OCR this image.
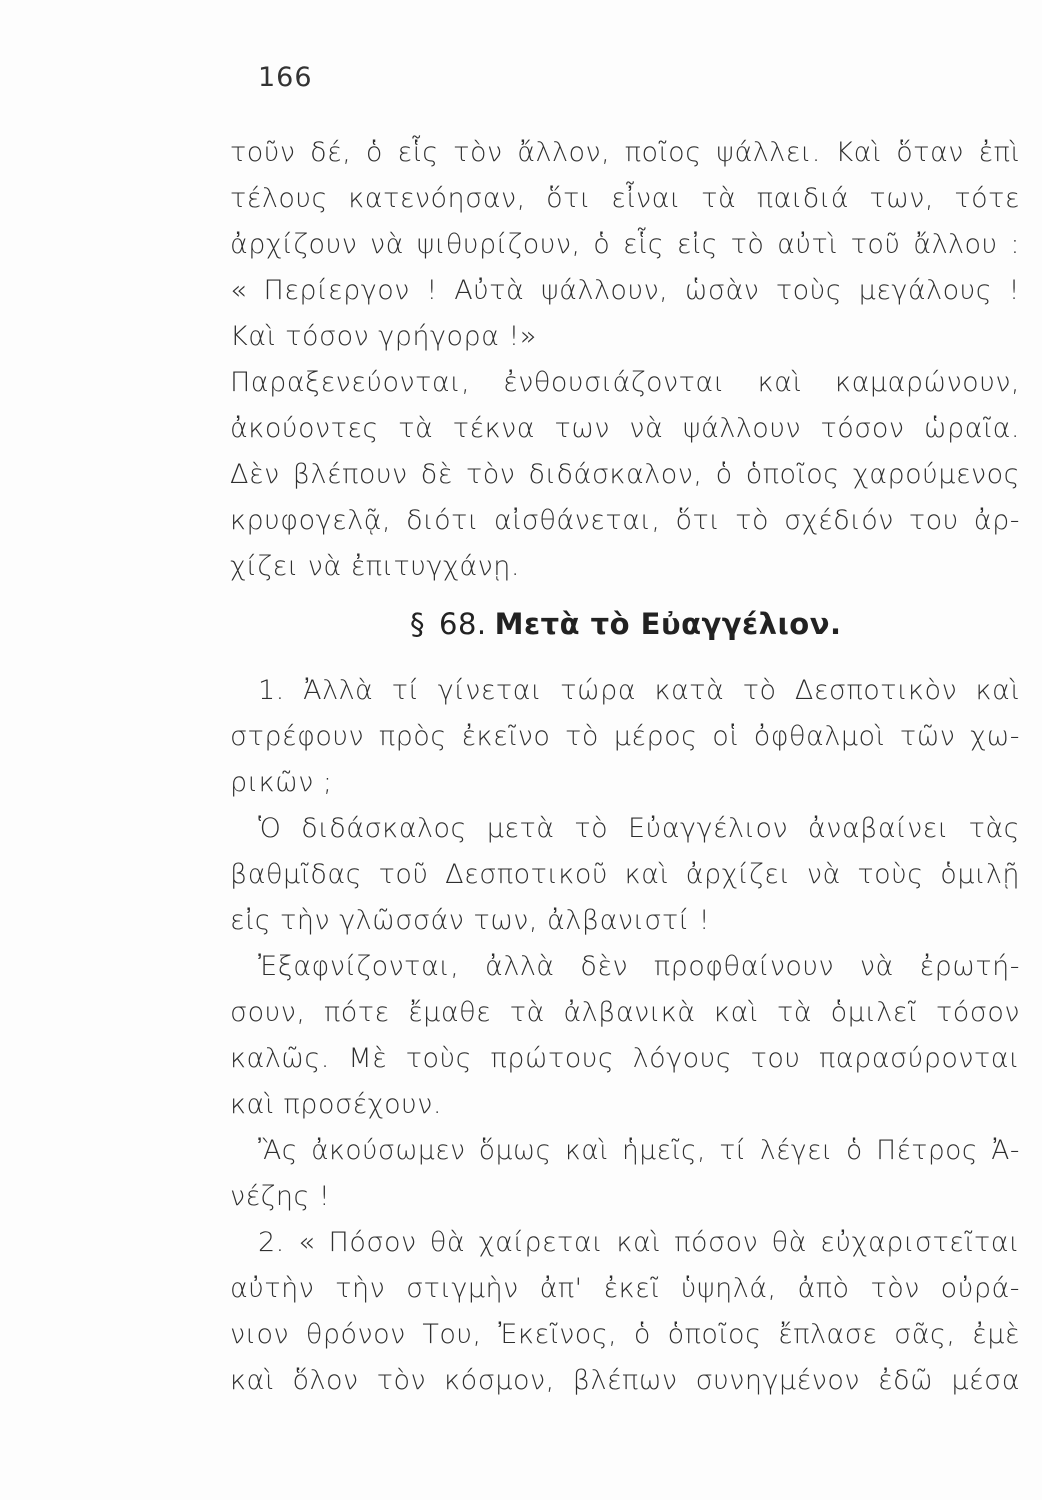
166
τοῦν δέ, ὁ εἷς τὸν ἄλλον, ποῖος ψάλλει. Καὶ ὅταν ἐπὶ
τέλους κατενόησαν, ὅτι εἶναι τὰ παιδιά των, τότε
ἀρχίζουν νὰ ψιθυρίζουν, ὁ εἷς εἰς τὸ αὐτὶ τοῦ ἄλλου :
« Περίεργον ! Αὐτὰ ψάλλουν, ὡσὰν τοὺς μεγάλους !
Καὶ τόσον γρήγορα !»
Παραξενεύονται, ἐνθουσιάζονται καὶ καμαρώνουν,
ἀκούοντες τὰ τέκνα των νὰ ψάλλουν τόσον ὡραῖα.
Δὲν βλέπουν δὲ τὸν διδάσκαλον, ὁ ὁποῖος χαρούμενος
κρυφογελᾷ, διότι αἰσθάνεται, ὅτι τὸ σχέδιόν του ἀρ-
χίζει νὰ ἐπιτυγχάνῃ.
§ 68. Μετὰ τὸ Εὐαγγέλιον.
1. Ἀλλὰ τί γίνεται τώρα κατὰ τὸ Δεσποτικὸν καὶ
στρέφουν πρὸς ἐκεῖνο τὸ μέρος οἱ ὀφθαλμοὶ τῶν χω-
ρικῶν ;
Ὁ διδάσκαλος μετὰ τὸ Εὐαγγέλιον ἀναβαίνει τὰς
βαθμῖδας τοῦ Δεσποτικοῦ καὶ ἀρχίζει νὰ τοὺς ὁμιλῇ
εἰς τὴν γλῶσσάν των, ἀλβανιστί !
Ἐξαφνίζονται, ἀλλὰ δὲν προφθαίνουν νὰ ἐρωτή-
σουν, πότε ἔμαθε τὰ ἀλβανικὰ καὶ τὰ ὁμιλεῖ τόσον
καλῶς. Μὲ τοὺς πρώτους λόγους του παρασύρονται
καὶ προσέχουν.
Ἂς ἀκούσωμεν ὅμως καὶ ἡμεῖς, τί λέγει ὁ Πέτρος Ἀ-
νέζης !
2. « Πόσον θὰ χαίρεται καὶ πόσον θὰ εὐχαριστεῖται
αὐτὴν τὴν στιγμὴν ἀπ' ἐκεῖ ὑψηλά, ἀπὸ τὸν οὐρά-
νιον θρόνον Του, Ἐκεῖνος, ὁ ὁποῖος ἔπλασε σᾶς, ἐμὲ
καὶ ὅλον τὸν κόσμον, βλέπων συνηγμένον ἐδῶ μέσα
